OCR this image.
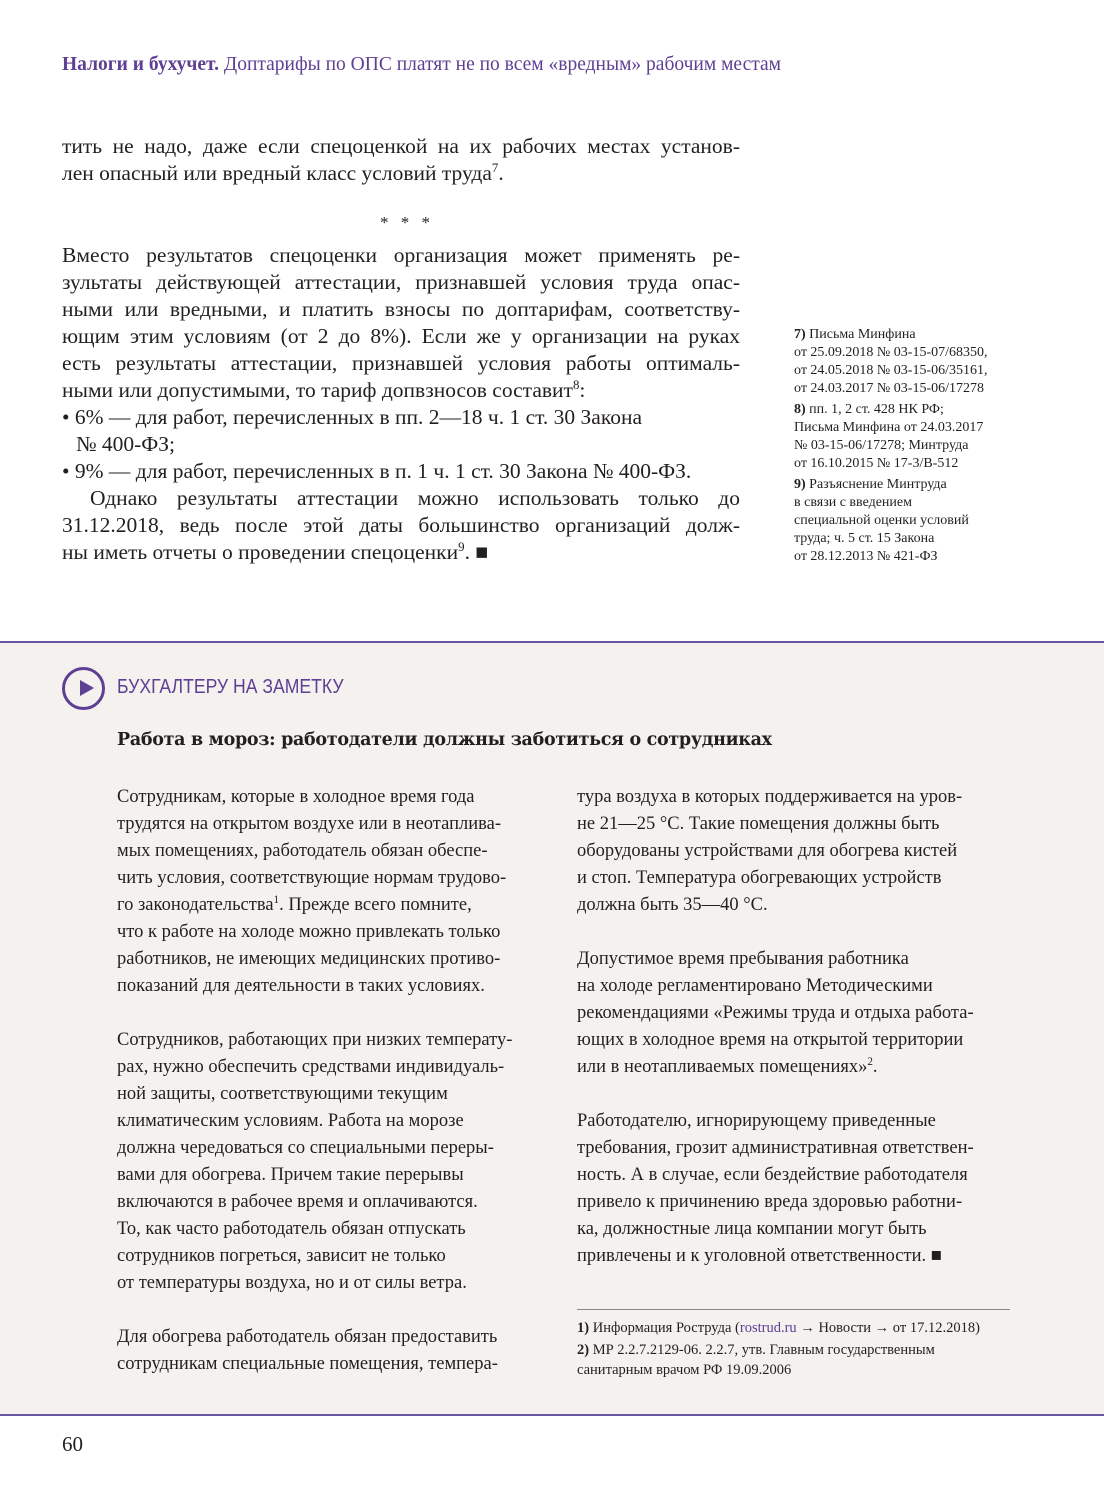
Налоги и бухучет. Доптарифы по ОПС платят не по всем «вредным» рабочим местам
тить не надо, даже если спецоценкой на их рабочих местах установ-
лен опасный или вредный класс условий труда$^7$.
* * *
Вместо результатов спецоценки организация может применять ре-
зультаты действующей аттестации, признавшей условия труда опас-
ными или вредными, и платить взносы по доптарифам, соответству-
ющим этим условиям (от 2 до 8%). Если же у организации на руках
есть результаты аттестации, признавшей условия работы оптималь-
ными или допустимыми, то тариф допвзносов составит$^8$:
• 6% — для работ, перечисленных в пп. 2—18 ч. 1 ст. 30 Закона
№ 400-ФЗ;
• 9% — для работ, перечисленных в п. 1 ч. 1 ст. 30 Закона № 400-ФЗ.
Однако результаты аттестации можно использовать только до
31.12.2018, ведь после этой даты большинство организаций долж-
ны иметь отчеты о проведении спецоценки$^9$. ■
7) Письма Минфина
от 25.09.2018 № 03-15-07/68350,
от 24.05.2018 № 03-15-06/35161,
от 24.03.2017 № 03-15-06/17278
8) пп. 1, 2 ст. 428 НК РФ;
Письма Минфина от 24.03.2017
№ 03-15-06/17278; Минтруда
от 16.10.2015 № 17-3/В-512
9) Разъяснение Минтруда
в связи с введением
специальной оценки условий
труда; ч. 5 ст. 15 Закона
от 28.12.2013 № 421-ФЗ
БУХГАЛТЕРУ НА ЗАМЕТКУ
Работа в мороз: работодатели должны заботиться о сотрудниках
Сотрудникам, которые в холодное время года
трудятся на открытом воздухе или в неотаплива-
мых помещениях, работодатель обязан обеспе-
чить условия, соответствующие нормам трудово-
го законодательства$^1$. Прежде всего помните,
что к работе на холоде можно привлекать только
работников, не имеющих медицинских противо-
показаний для деятельности в таких условиях.
Сотрудников, работающих при низких температу-
рах, нужно обеспечить средствами индивидуаль-
ной защиты, соответствующими текущим
климатическим условиям. Работа на морозе
должна чередоваться со специальными переры-
вами для обогрева. Причем такие перерывы
включаются в рабочее время и оплачиваются.
То, как часто работодатель обязан отпускать
сотрудников погреться, зависит не только
от температуры воздуха, но и от силы ветра.
Для обогрева работодатель обязан предоставить
сотрудникам специальные помещения, темпера-
тура воздуха в которых поддерживается на уров-
не 21—25 °C. Такие помещения должны быть
оборудованы устройствами для обогрева кистей
и стоп. Температура обогревающих устройств
должна быть 35—40 °C.
Допустимое время пребывания работника
на холоде регламентировано Методическими
рекомендациями «Режимы труда и отдыха работа-
ющих в холодное время на открытой территории
или в неотапливаемых помещениях»$^2$.
Работодателю, игнорирующему приведенные
требования, грозит административная ответствен-
ность. А в случае, если бездействие работодателя
привело к причинению вреда здоровью работни-
ка, должностные лица компании могут быть
привлечены и к уголовной ответственности. ■
1) Информация Роструда (rostrud.ru → Новости → от 17.12.2018)
2) МР 2.2.7.2129-06. 2.2.7, утв. Главным государственным
санитарным врачом РФ 19.09.2006
60
